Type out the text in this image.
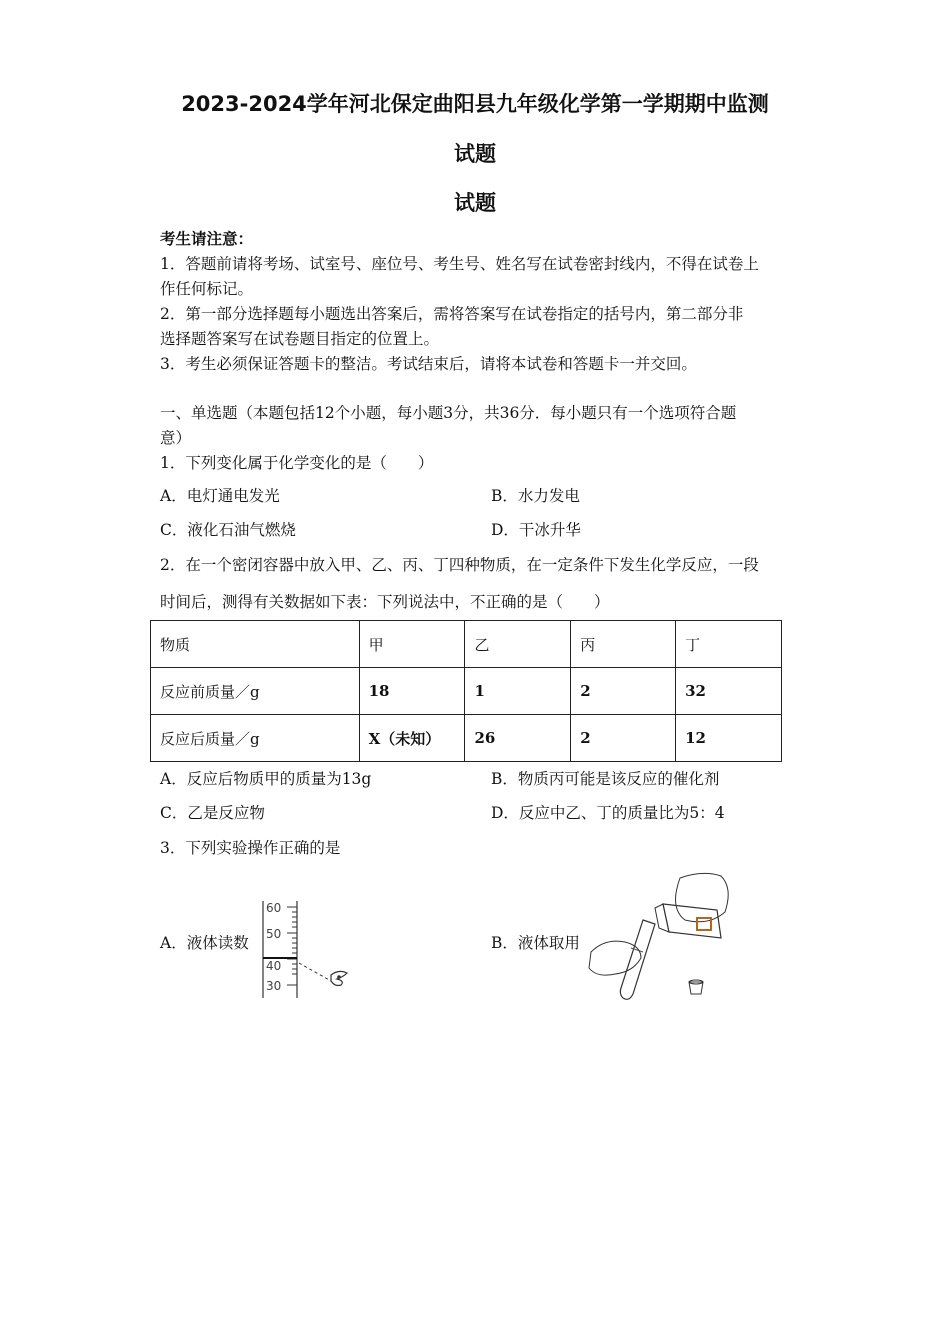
2023-2024学年河北保定曲阳县九年级化学第一学期期中监测
试题
试题
考生请注意：
1．答题前请将考场、试室号、座位号、考生号、姓名写在试卷密封线内，不得在试卷上
作任何标记。
2．第一部分选择题每小题选出答案后，需将答案写在试卷指定的括号内，第二部分非
选择题答案写在试卷题目指定的位置上。
3．考生必须保证答题卡的整洁。考试结束后，请将本试卷和答题卡一并交回。
一、单选题（本题包括12个小题，每小题3分，共36分．每小题只有一个选项符合题
意）
1．下列变化属于化学变化的是（　　）
A．电灯通电发光	B．水力发电
C．液化石油气燃烧	D．干冰升华
2．在一个密闭容器中放入甲、乙、丙、丁四种物质，在一定条件下发生化学反应，一段
时间后，测得有关数据如下表：下列说法中，不正确的是（　　）
物质	甲	乙	丙	丁
反应前质量／g	18	1	2	32
反应后质量／g	X（未知）	26	2	12
A．反应后物质甲的质量为13g	B．物质丙可能是该反应的催化剂
C．乙是反应物	D．反应中乙、丁的质量比为5：4
3．下列实验操作正确的是
A．液体读数	B．液体取用
60
50
40
30
